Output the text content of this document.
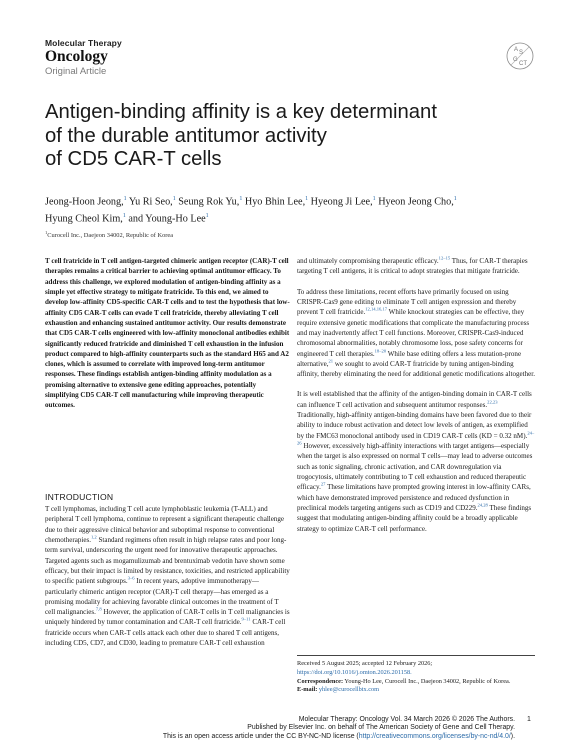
Molecular Therapy
Oncology
Original Article
A S
G
CT
Antigen-binding affinity is a key determinant
of the durable antitumor activity
of CD5 CAR-T cells
Jeong-Hoon Jeong,$^1$ Yu Ri Seo,$^1$ Seung Rok Yu,$^1$ Hyo Bhin Lee,$^1$ Hyeong Ji Lee,$^1$ Hyeon Jeong Cho,$^1$
Hyung Cheol Kim,$^1$ and Young-Ho Lee$^1$
$^1$Curocell Inc., Daejeon 34002, Republic of Korea
T cell fratricide in T cell antigen-targeted chimeric antigen receptor (CAR)-T cell therapies remains a critical barrier to achieving optimal antitumor efficacy. To address this challenge, we explored modulation of antigen-binding affinity as a simple yet effective strategy to mitigate fratricide. To this end, we aimed to develop low-affinity CD5-specific CAR-T cells and to test the hypothesis that low-affinity CD5 CAR-T cells can evade T cell fratricide, thereby alleviating T cell exhaustion and enhancing sustained antitumor activity. Our results demonstrate that CD5 CAR-T cells engineered with low-affinity monoclonal antibodies exhibit significantly reduced fratricide and diminished T cell exhaustion in the infusion product compared to high-affinity counterparts such as the standard H65 and A2 clones, which is assumed to correlate with improved long-term antitumor responses. These findings establish antigen-binding affinity modulation as a promising alternative to extensive gene editing approaches, potentially simplifying CD5 CAR-T cell manufacturing while improving therapeutic outcomes.
INTRODUCTION
T cell lymphomas, including T cell acute lymphoblastic leukemia (T-ALL) and peripheral T cell lymphoma, continue to represent a significant therapeutic challenge due to their aggressive clinical behavior and suboptimal response to conventional chemotherapies.$^{1,2}$ Standard regimens often result in high relapse rates and poor long-term survival, underscoring the urgent need for innovative therapeutic approaches. Targeted agents such as mogamulizumab and brentuximab vedotin have shown some efficacy, but their impact is limited by resistance, toxicities, and restricted applicability to specific patient subgroups.$^{3-6}$ In recent years, adoptive immunotherapy—particularly chimeric antigen receptor (CAR)-T cell therapy—has emerged as a promising modality for achieving favorable clinical outcomes in the treatment of T cell malignancies.$^{7,8}$ However, the application of CAR-T cells in T cell malignancies is uniquely hindered by tumor contamination and CAR-T cell fratricide.$^{9-11}$ CAR-T cell fratricide occurs when CAR-T cells attack each other due to shared T cell antigens, including CD5, CD7, and CD30, leading to premature CAR-T cell exhaustion

and ultimately compromising therapeutic efficacy.$^{12-15}$ Thus, for CAR-T therapies targeting T cell antigens, it is critical to adopt strategies that mitigate fratricide.

To address these limitations, recent efforts have primarily focused on using CRISPR-Cas9 gene editing to eliminate T cell antigen expression and thereby prevent T cell fratricide.$^{12,14,16,17}$ While knockout strategies can be effective, they require extensive genetic modifications that complicate the manufacturing process and may inadvertently affect T cell functions. Moreover, CRISPR-Cas9-induced chromosomal abnormalities, notably chromosome loss, pose safety concerns for engineered T cell therapies.$^{18-20}$ While base editing offers a less mutation-prone alternative,$^{21}$ we sought to avoid CAR-T fratricide by tuning antigen-binding affinity, thereby eliminating the need for additional genetic modifications altogether.

It is well established that the affinity of the antigen-binding domain in CAR-T cells can influence T cell activation and subsequent antitumor responses.$^{22,23}$ Traditionally, high-affinity antigen-binding domains have been favored due to their ability to induce robust activation and detect low levels of antigen, as exemplified by the FMC63 monoclonal antibody used in CD19 CAR-T cells (KD = 0.32 nM).$^{24-26}$ However, excessively high-affinity interactions with target antigens—especially when the target is also expressed on normal T cells—may lead to adverse outcomes such as tonic signaling, chronic activation, and CAR downregulation via trogocytosis, ultimately contributing to T cell exhaustion and reduced therapeutic efficacy.$^{27}$ These limitations have prompted growing interest in low-affinity CARs, which have demonstrated improved persistence and reduced dysfunction in preclinical models targeting antigens such as CD19 and CD229.$^{24,28}$ These findings suggest that modulating antigen-binding affinity could be a broadly applicable strategy to optimize CAR-T cell performance.

Received 5 August 2025; accepted 12 February 2026;
https://doi.org/10.1016/j.omton.2026.201158.
Correspondence: Young-Ho Lee, Curocell Inc., Daejeon 34002, Republic of Korea.
E-mail: yhlee@curocellbtx.com
Molecular Therapy: Oncology Vol. 34 March 2026 © 2026 The Authors.
Published by Elsevier Inc. on behalf of The American Society of Gene and Cell Therapy.
This is an open access article under the CC BY-NC-ND license (http://creativecommons.org/licenses/by-nc-nd/4.0/).
1
